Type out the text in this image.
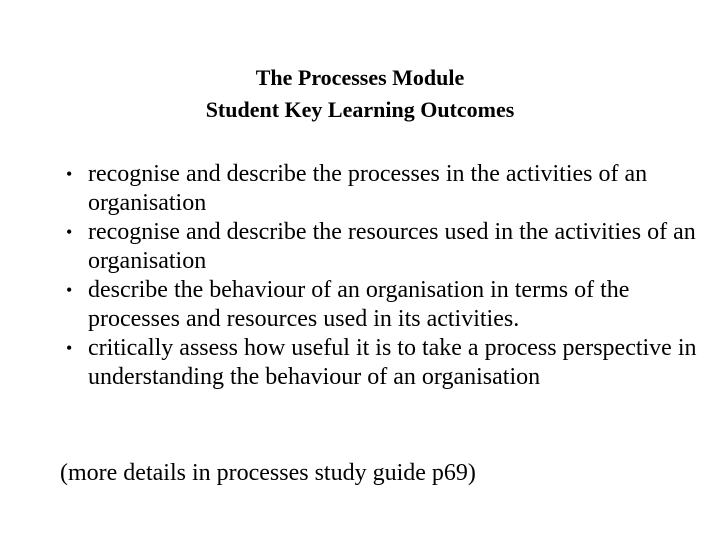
The Processes Module
Student Key Learning Outcomes
• recognise and describe the processes in the activities of an organisation
• recognise and describe the resources used in the activities of an organisation
• describe the behaviour of an organisation in terms of the processes and resources used in its activities.
• critically assess how useful it is to take a process perspective in understanding the behaviour of an organisation
(more details in processes study guide p69)
